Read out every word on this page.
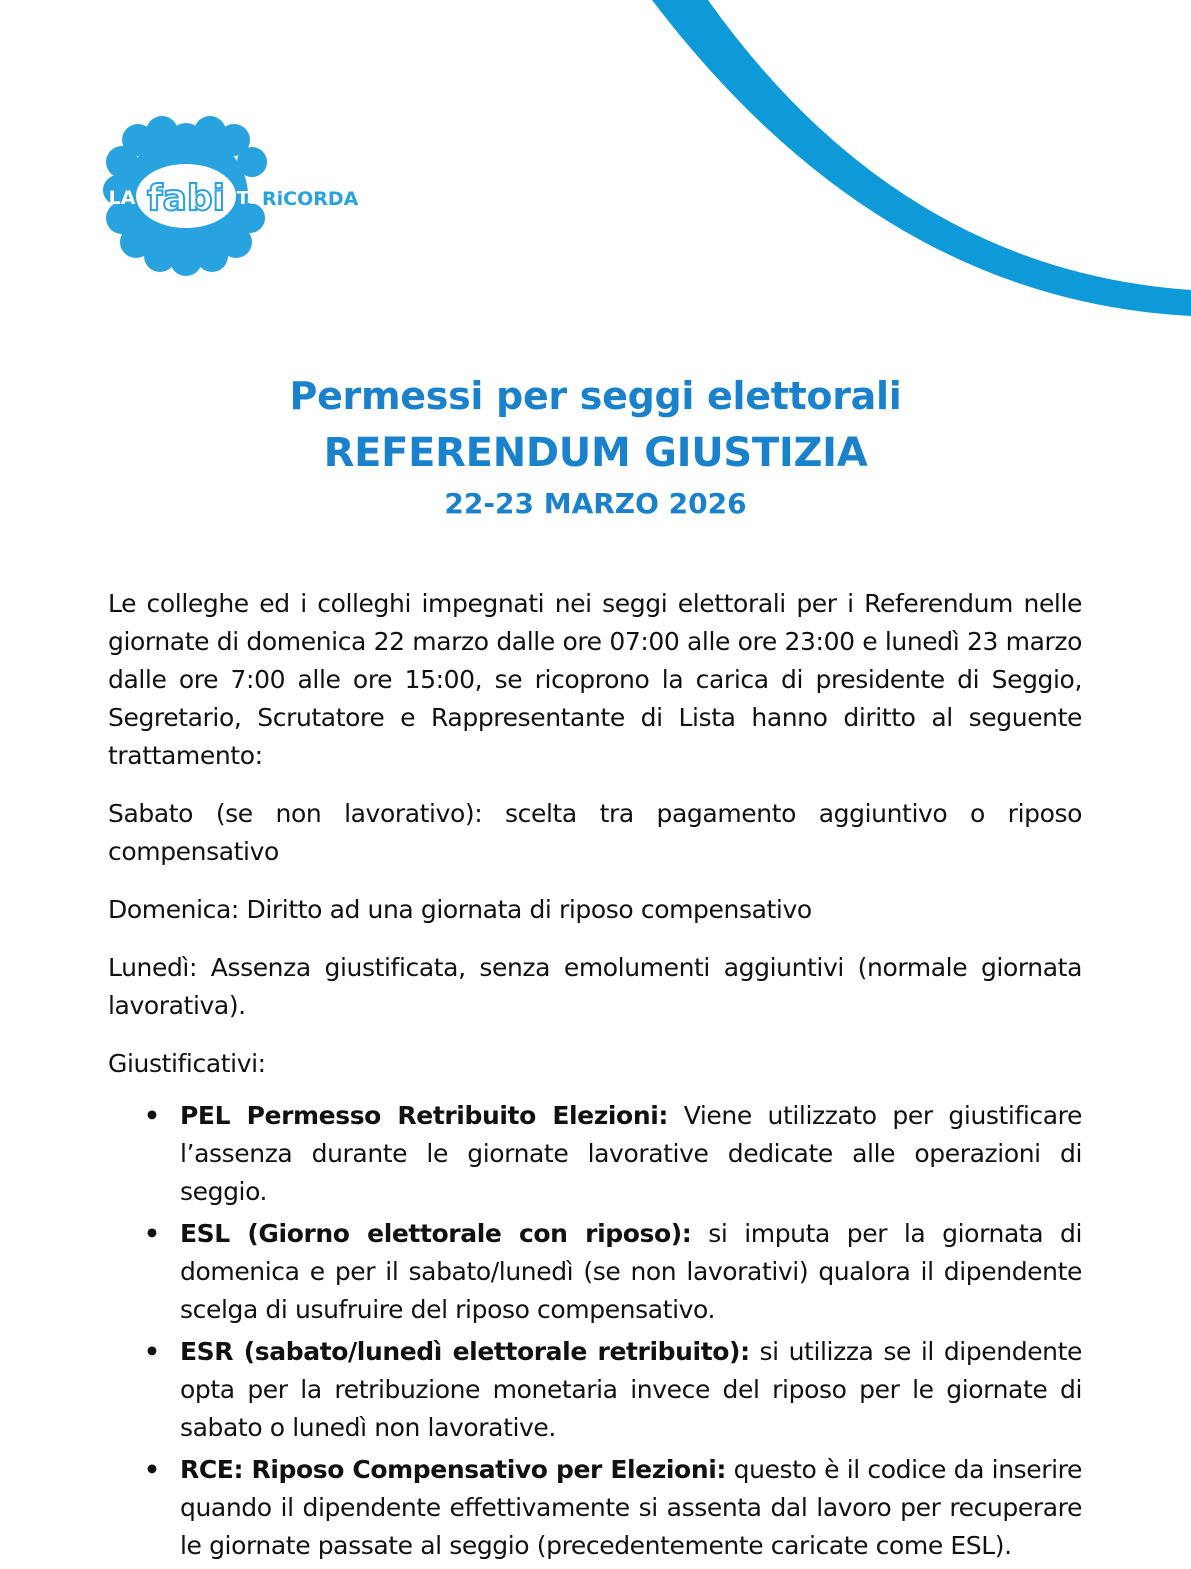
fabi
LA	Ti RiCORDA
Permessi per seggi elettorali
REFERENDUM GIUSTIZIA
22-23 MARZO 2026

Le colleghe ed i colleghi impegnati nei seggi elettorali per i Referendum nelle giornate di domenica 22 marzo dalle ore 07:00 alle ore 23:00 e lunedì 23 marzo dalle ore 7:00 alle ore 15:00, se ricoprono la carica di presidente di Seggio, Segretario, Scrutatore e Rappresentante di Lista hanno diritto al seguente trattamento:

Sabato (se non lavorativo): scelta tra pagamento aggiuntivo o riposo compensativo

Domenica: Diritto ad una giornata di riposo compensativo

Lunedì: Assenza giustificata, senza emolumenti aggiuntivi (normale giornata lavorativa).

Giustificativi:

• PEL Permesso Retribuito Elezioni: Viene utilizzato per giustificare l’assenza durante le giornate lavorative dedicate alle operazioni di seggio.
• ESL (Giorno elettorale con riposo): si imputa per la giornata di domenica e per il sabato/lunedì (se non lavorativi) qualora il dipendente scelga di usufruire del riposo compensativo.
• ESR (sabato/lunedì elettorale retribuito): si utilizza se il dipendente opta per la retribuzione monetaria invece del riposo per le giornate di sabato o lunedì non lavorative.
• RCE: Riposo Compensativo per Elezioni: questo è il codice da inserire quando il dipendente effettivamente si assenta dal lavoro per recuperare le giornate passate al seggio (precedentemente caricate come ESL).
